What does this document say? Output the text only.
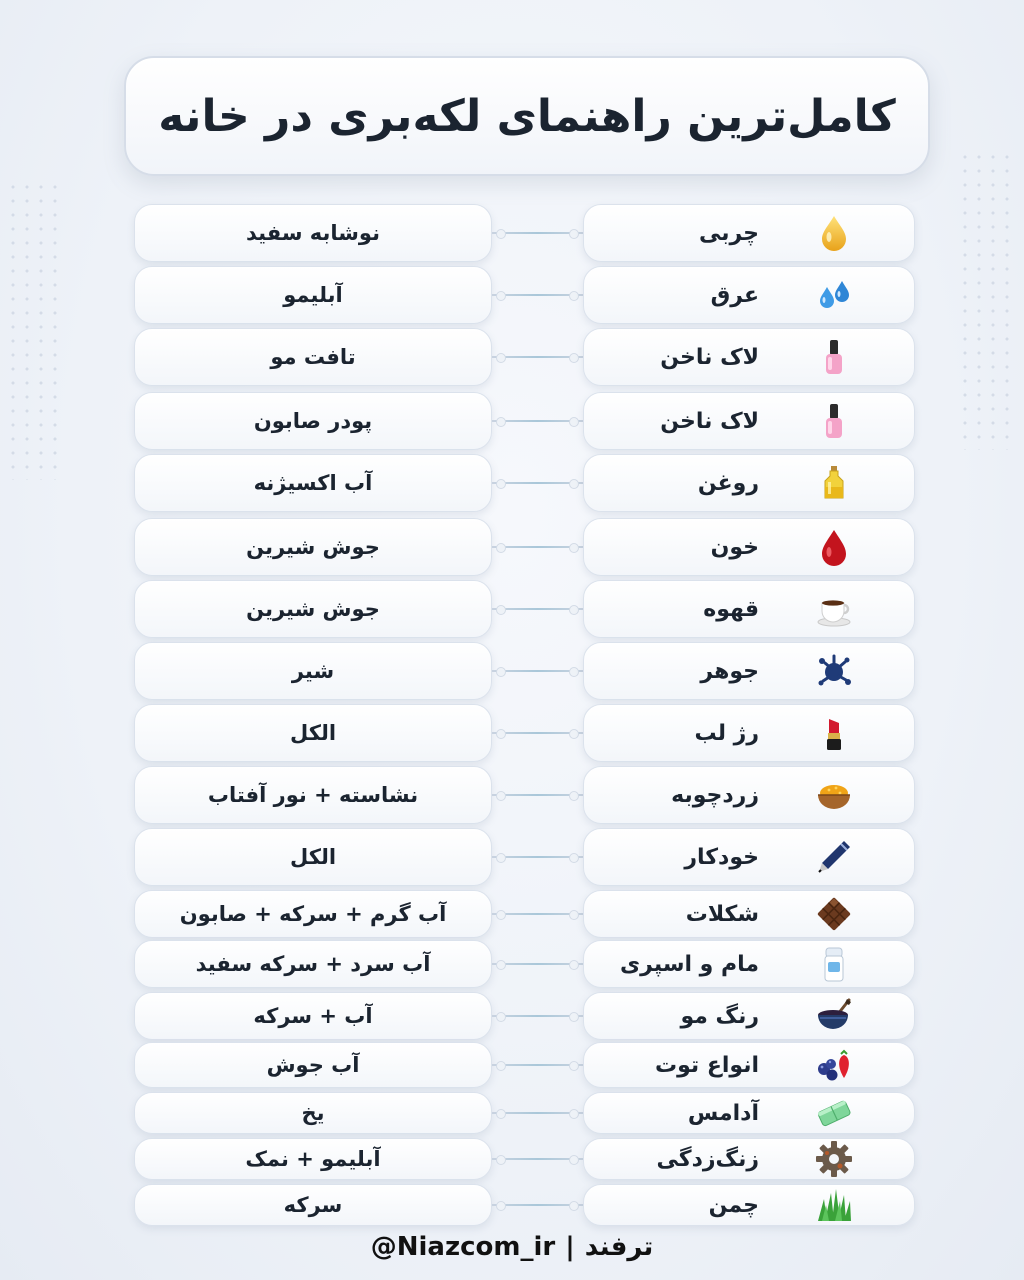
کامل‌ترین راهنمای لکه‌بری در خانه
نوشابه سفید	چربی
آبلیمو	عرق
تافت مو	لاک ناخن
پودر صابون	لاک ناخن
آب اکسیژنه	روغن
جوش شیرین	خون
جوش شیرین	قهوه
شیر	جوهر
الکل	رژ لب
نشاسته + نور آفتاب	زردچوبه
الکل	خودکار
آب گرم + سرکه + صابون	شکلات
آب سرد + سرکه سفید	مام و اسپری
آب + سرکه	رنگ مو
آب جوش	انواع توت
یخ	آدامس
آبلیمو + نمک	زنگ‌زدگی
سرکه	چمن
ترفند
|
@Niazcom_ir
